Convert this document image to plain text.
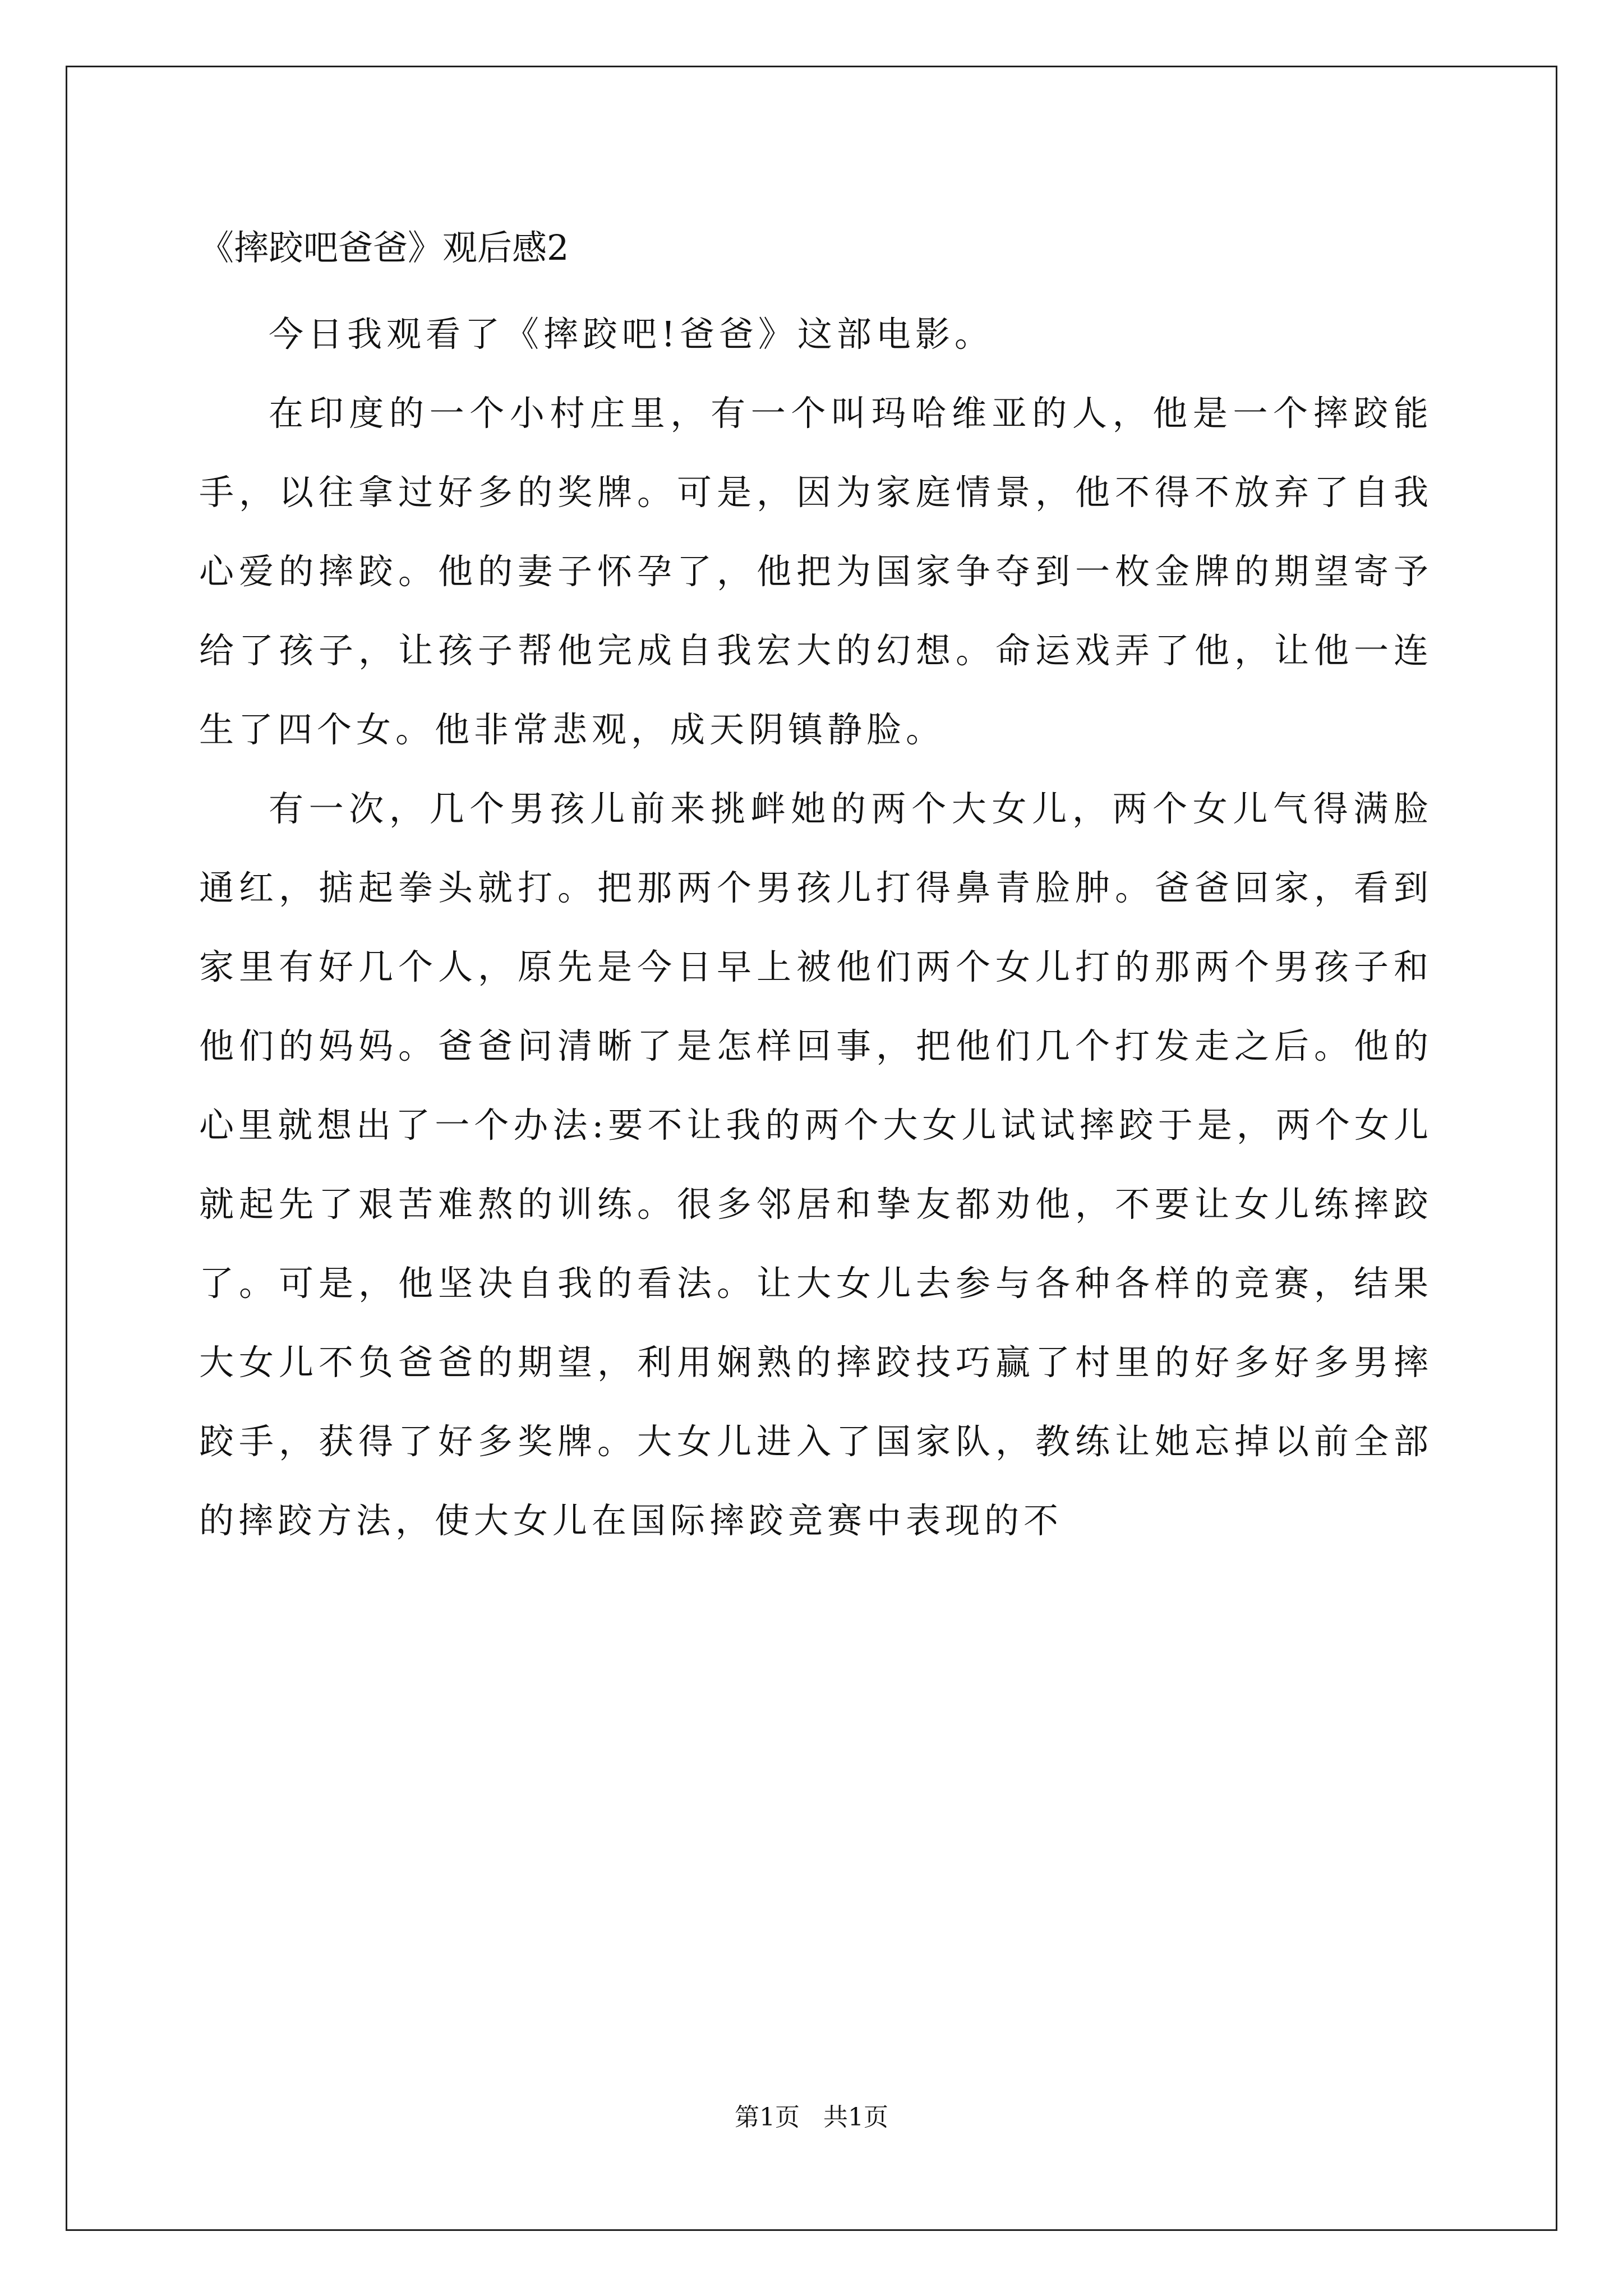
《摔跤吧爸爸》观后感2

今日我观看了《摔跤吧!爸爸》这部电影。

在印度的一个小村庄里，有一个叫玛哈维亚的人，他是一个摔跤能手，以往拿过好多的奖牌。可是，因为家庭情景，他不得不放弃了自我心爱的摔跤。他的妻子怀孕了，他把为国家争夺到一枚金牌的期望寄予给了孩子，让孩子帮他完成自我宏大的幻想。命运戏弄了他，让他一连生了四个女。他非常悲观，成天阴镇静脸。

有一次，几个男孩儿前来挑衅她的两个大女儿，两个女儿气得满脸通红，掂起拳头就打。把那两个男孩儿打得鼻青脸肿。爸爸回家，看到家里有好几个人，原先是今日早上被他们两个女儿打的那两个男孩子和他们的妈妈。爸爸问清晰了是怎样回事，把他们几个打发走之后。他的心里就想出了一个办法:要不让我的两个大女儿试试摔跤于是，两个女儿就起先了艰苦难熬的训练。很多邻居和挚友都劝他，不要让女儿练摔跤了。可是，他坚决自我的看法。让大女儿去参与各种各样的竞赛，结果大女儿不负爸爸的期望，利用娴熟的摔跤技巧赢了村里的好多好多男摔跤手，获得了好多奖牌。大女儿进入了国家队，教练让她忘掉以前全部的摔跤方法，使大女儿在国际摔跤竞赛中表现的不

第1页   共1页
